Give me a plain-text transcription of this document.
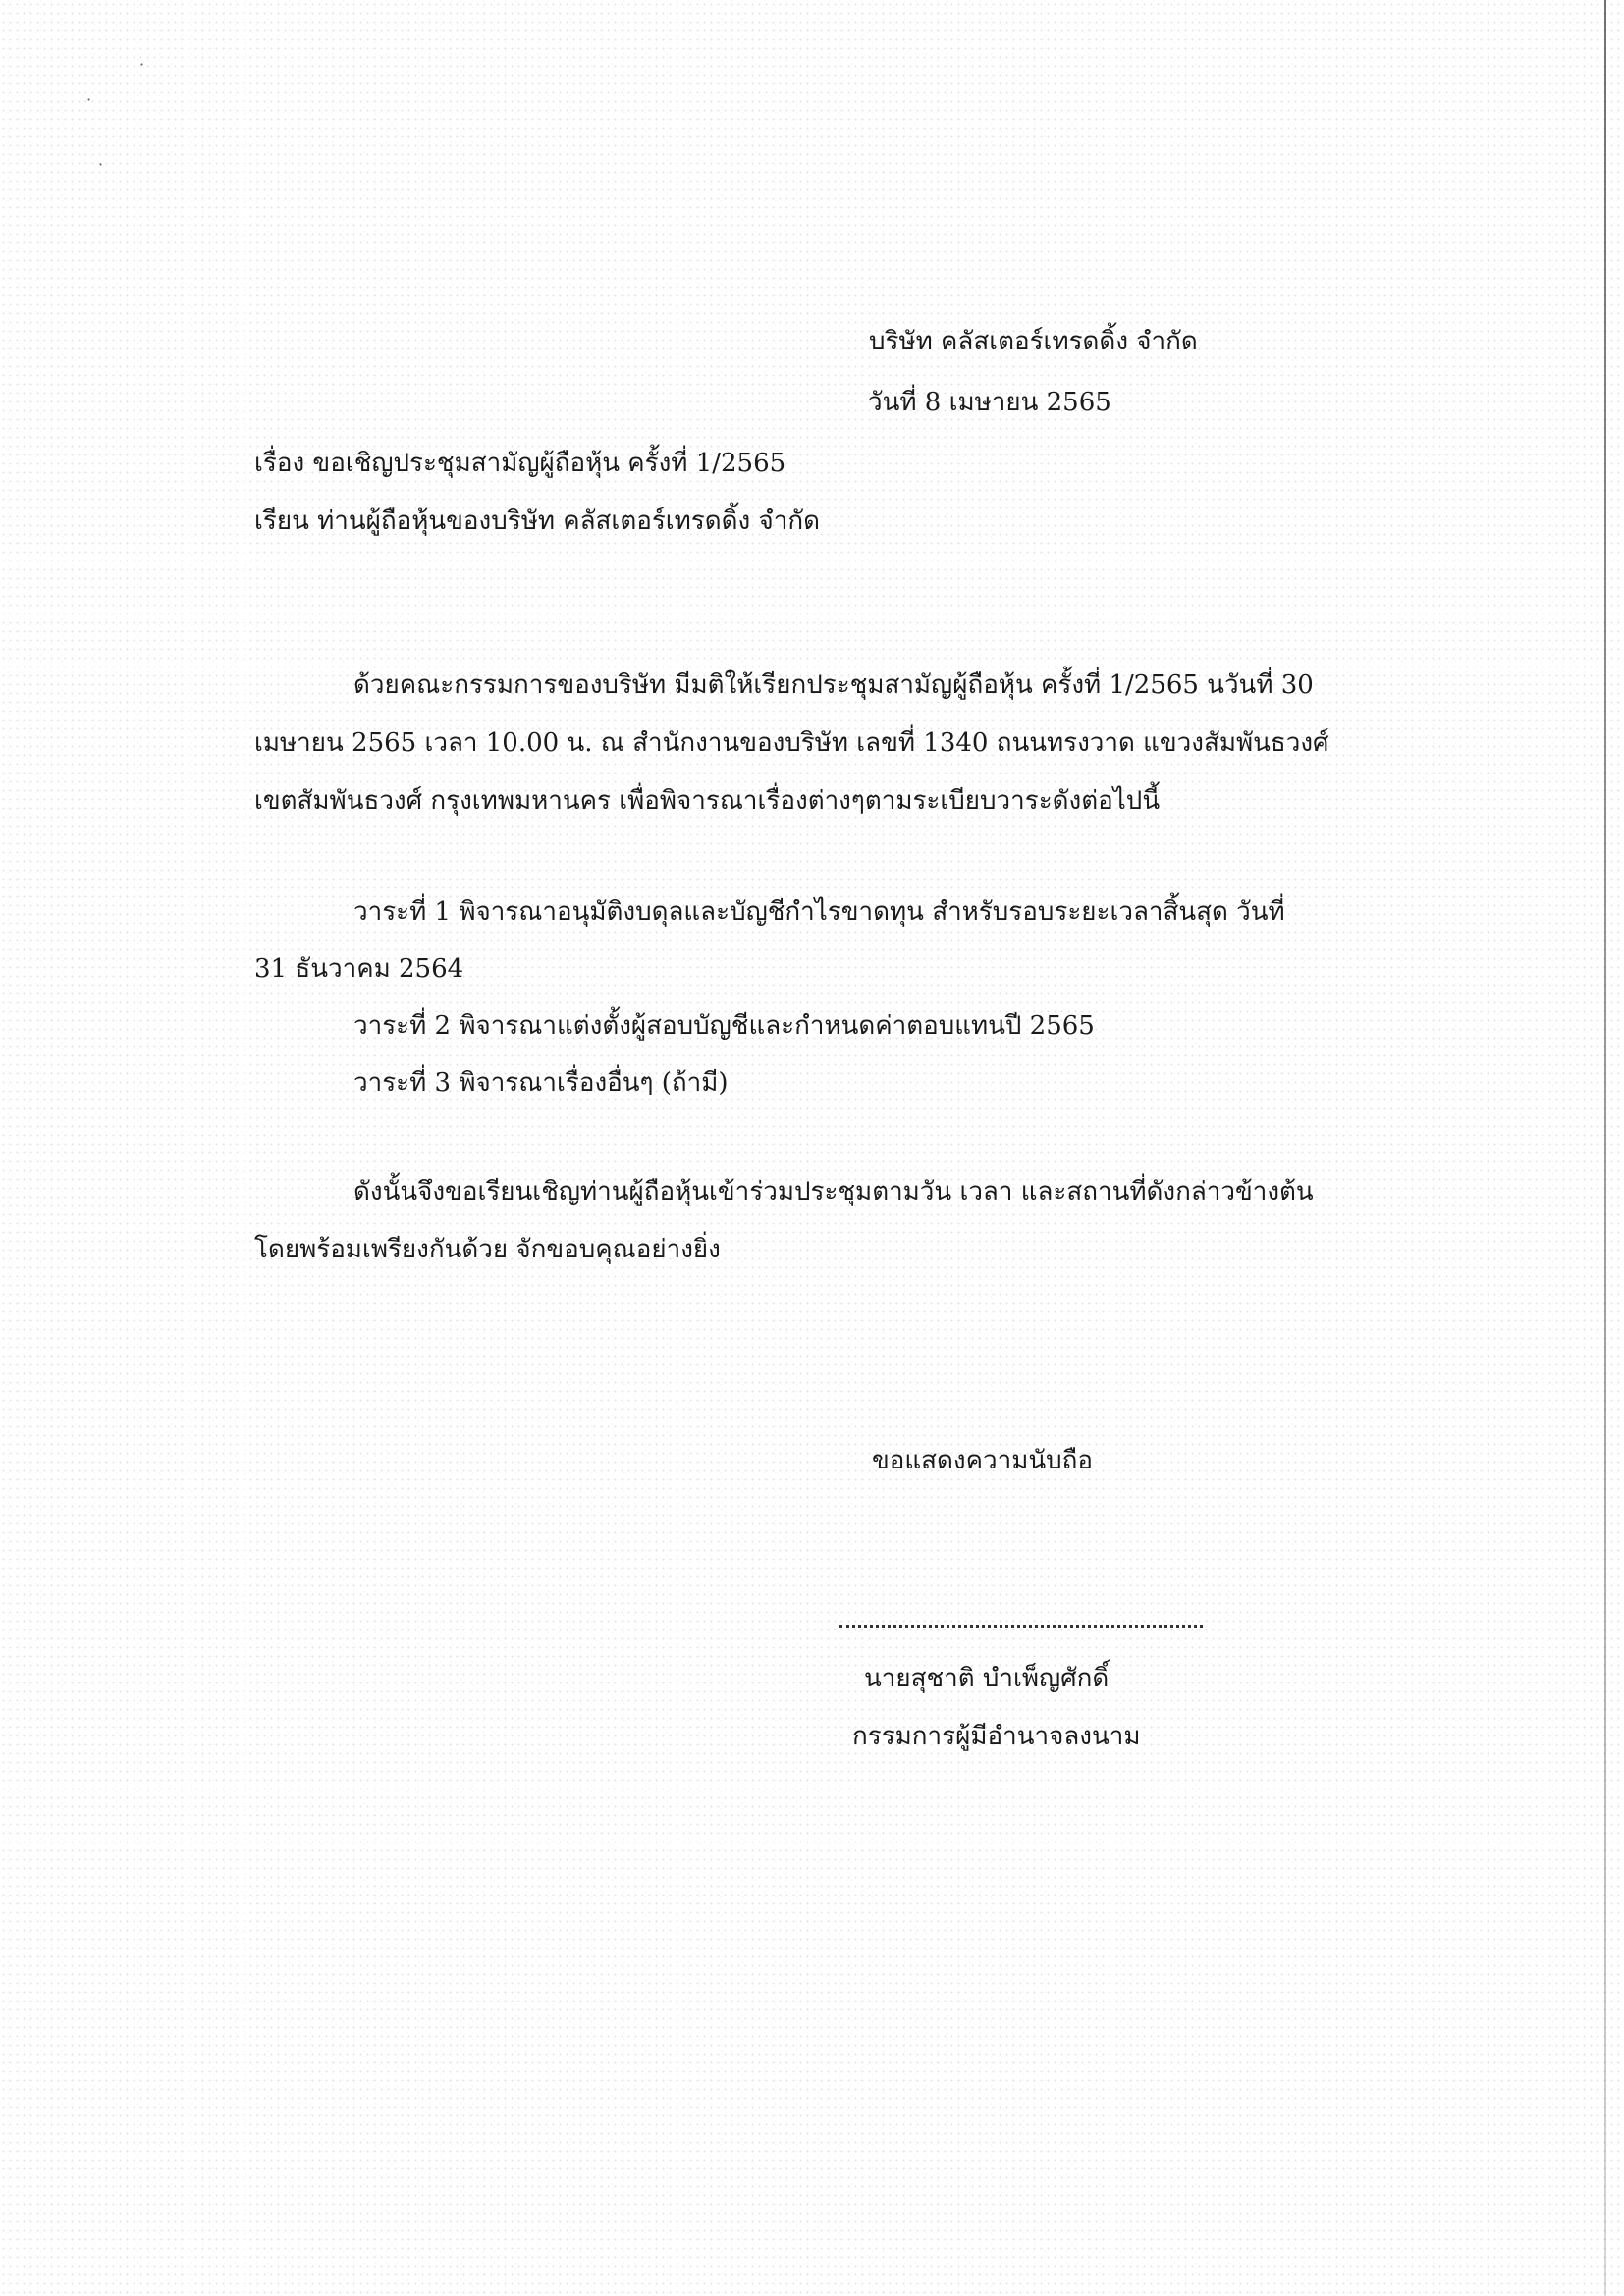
·
·
·
บริษัท คลัสเตอร์เทรดดิ้ง จำกัด
วันที่ 8 เมษายน 2565
เรื่อง ขอเชิญประชุมสามัญผู้ถือหุ้น ครั้งที่ 1/2565
เรียน ท่านผู้ถือหุ้นของบริษัท คลัสเตอร์เทรดดิ้ง จำกัด
ด้วยคณะกรรมการของบริษัท มีมติให้เรียกประชุมสามัญผู้ถือหุ้น ครั้งที่ 1/2565 นวันที่ 30
เมษายน 2565 เวลา 10.00 น. ณ สำนักงานของบริษัท เลขที่ 1340 ถนนทรงวาด แขวงสัมพันธวงศ์
เขตสัมพันธวงศ์ กรุงเทพมหานคร เพื่อพิจารณาเรื่องต่างๆตามระเบียบวาระดังต่อไปนี้
วาระที่ 1 พิจารณาอนุมัติงบดุลและบัญชีกำไรขาดทุน สำหรับรอบระยะเวลาสิ้นสุด วันที่
31 ธันวาคม 2564
วาระที่ 2 พิจารณาแต่งตั้งผู้สอบบัญชีและกำหนดค่าตอบแทนปี 2565
วาระที่ 3 พิจารณาเรื่องอื่นๆ (ถ้ามี)
ดังนั้นจึงขอเรียนเชิญท่านผู้ถือหุ้นเข้าร่วมประชุมตามวัน เวลา และสถานที่ดังกล่าวข้างต้น
โดยพร้อมเพรียงกันด้วย จักขอบคุณอย่างยิ่ง
ขอแสดงความนับถือ
นายสุชาติ บำเพ็ญศักดิ์
กรรมการผู้มีอำนาจลงนาม
